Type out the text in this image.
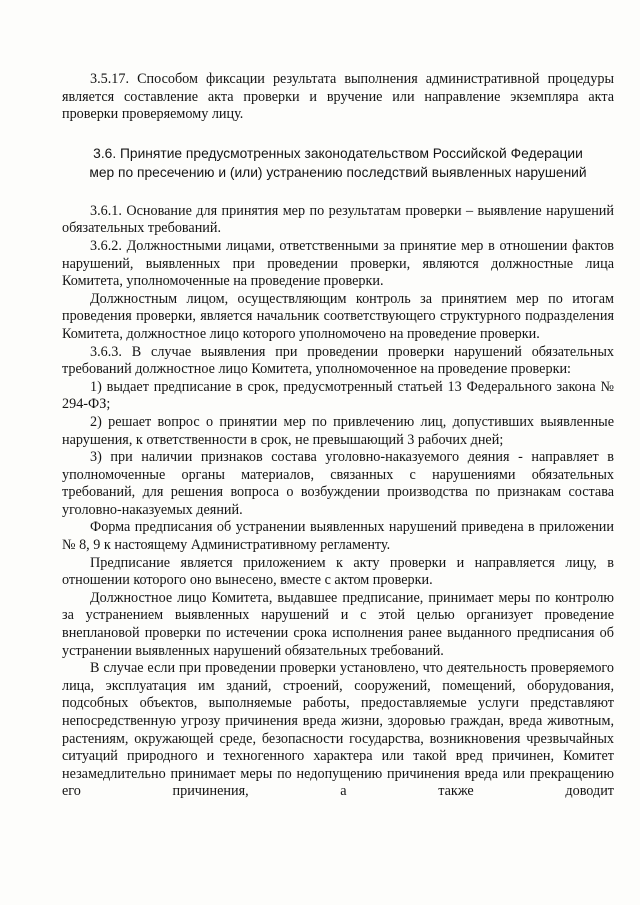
3.5.17. Способом фиксации результата выполнения административной процедуры является составление акта проверки и вручение или направление экземпляра акта проверки проверяемому лицу.

3.6. Принятие предусмотренных законодательством Российской Федерации
мер по пресечению и (или) устранению последствий выявленных нарушений

3.6.1. Основание для принятия мер по результатам проверки – выявление нарушений обязательных требований.

3.6.2. Должностными лицами, ответственными за принятие мер в отношении фактов нарушений, выявленных при проведении проверки, являются должностные лица Комитета, уполномоченные на проведение проверки.

Должностным лицом, осуществляющим контроль за принятием мер по итогам проведения проверки, является начальник соответствующего структурного подразделения Комитета, должностное лицо которого уполномочено на проведение проверки.

3.6.3. В случае выявления при проведении проверки нарушений обязательных требований должностное лицо Комитета, уполномоченное на проведение проверки:

1) выдает предписание в срок, предусмотренный статьей 13 Федерального закона № 294-ФЗ;

2) решает вопрос о принятии мер по привлечению лиц, допустивших выявленные нарушения, к ответственности в срок, не превышающий 3 рабочих дней;

3) при наличии признаков состава уголовно-наказуемого деяния - направляет в уполномоченные органы материалов, связанных с нарушениями обязательных требований, для решения вопроса о возбуждении производства по признакам состава уголовно-наказуемых деяний.

Форма предписания об устранении выявленных нарушений приведена в приложении № 8, 9 к настоящему Административному регламенту.

Предписание является приложением к акту проверки и направляется лицу, в отношении которого оно вынесено, вместе с актом проверки.

Должностное лицо Комитета, выдавшее предписание, принимает меры по контролю за устранением выявленных нарушений и с этой целью организует проведение внеплановой проверки по истечении срока исполнения ранее выданного предписания об устранении выявленных нарушений обязательных требований.

В случае если при проведении проверки установлено, что деятельность проверяемого лица, эксплуатация им зданий, строений, сооружений, помещений, оборудования, подсобных объектов, выполняемые работы, предоставляемые услуги представляют непосредственную угрозу причинения вреда жизни, здоровью граждан, вреда животным, растениям, окружающей среде, безопасности государства, возникновения чрезвычайных ситуаций природного и техногенного характера или такой вред причинен, Комитет незамедлительно принимает меры по недопущению причинения вреда или прекращению его причинения, а также доводит
